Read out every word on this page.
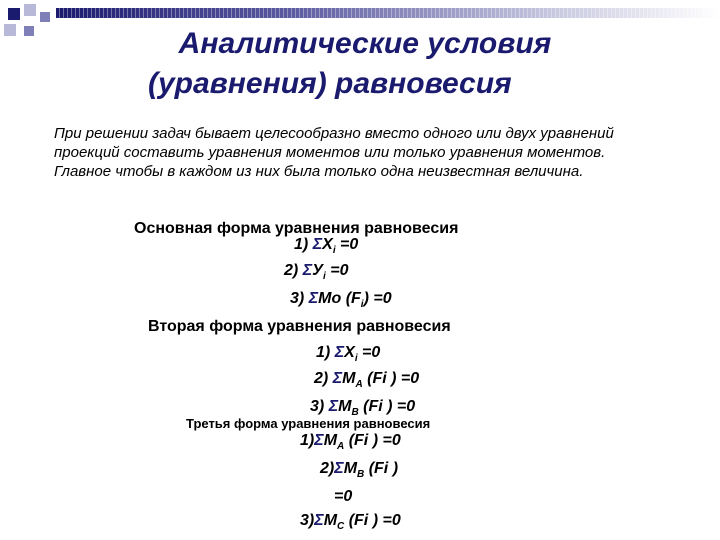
Аналитические условия
(уравнения) равновесия
При решении задач бывает целесообразно вместо одного или двух уравнений проекций составить уравнения моментов или только уравнения моментов. Главное чтобы в каждом из них была только одна неизвестная величина.
Основная форма уравнения равновесия
1) $\Sigma X_i =0$
2) $\Sigma У_i =0$
3) ΣMo $(F_i) =0$
Вторая форма уравнения равновесия
1) $\Sigma X_i =0$
2) $\Sigma M_A$ (Fi ) =0
3) $\Sigma M_B$ (Fi ) =0
Третья форма уравнения равновесия
$1)\Sigma M_A$ (Fi ) =0
$2)\Sigma M_B$ (Fi )
=0
$3)\Sigma M_C$ (Fi ) =0
